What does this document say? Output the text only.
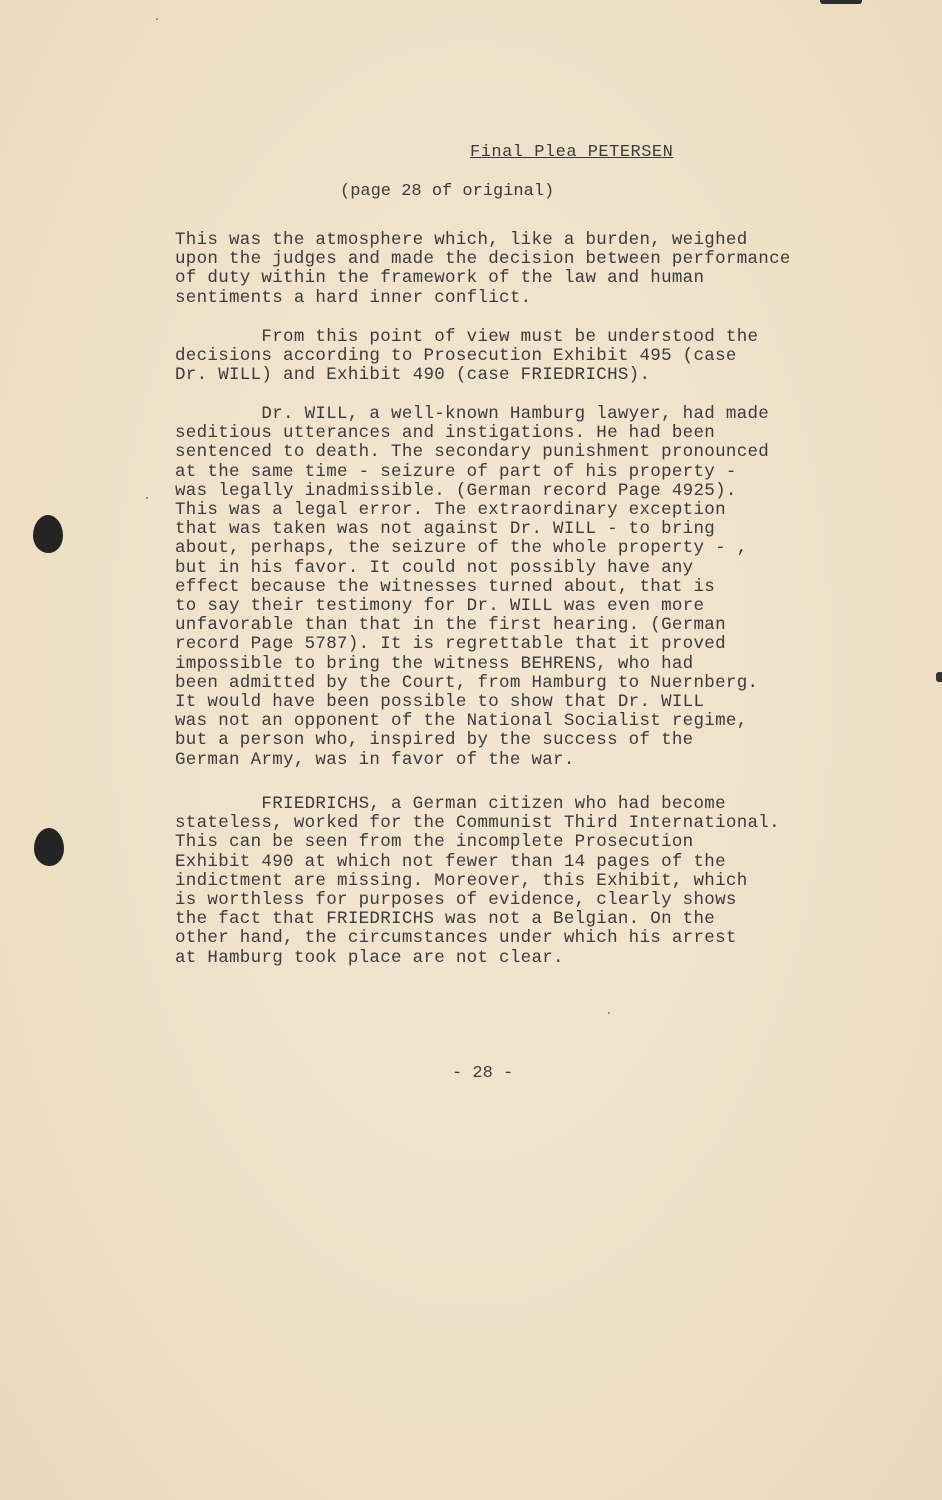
Final Plea PETERSEN
(page 28 of original)
This was the atmosphere which, like a burden, weighed
upon the judges and made the decision between performance
of duty within the framework of the law and human
sentiments a hard inner conflict.
From this point of view must be understood the
decisions according to Prosecution Exhibit 495 (case
Dr. WILL) and Exhibit 490 (case FRIEDRICHS).
Dr. WILL, a well-known Hamburg lawyer, had made
seditious utterances and instigations. He had been
sentenced to death. The secondary punishment pronounced
at the same time - seizure of part of his property -
was legally inadmissible. (German record Page 4925).
This was a legal error. The extraordinary exception
that was taken was not against Dr. WILL - to bring
about, perhaps, the seizure of the whole property - ,
but in his favor. It could not possibly have any
effect because the witnesses turned about, that is
to say their testimony for Dr. WILL was even more
unfavorable than that in the first hearing. (German
record Page 5787). It is regrettable that it proved
impossible to bring the witness BEHRENS, who had
been admitted by the Court, from Hamburg to Nuernberg.
It would have been possible to show that Dr. WILL
was not an opponent of the National Socialist regime,
but a person who, inspired by the success of the
German Army, was in favor of the war.
FRIEDRICHS, a German citizen who had become
stateless, worked for the Communist Third International.
This can be seen from the incomplete Prosecution
Exhibit 490 at which not fewer than 14 pages of the
indictment are missing. Moreover, this Exhibit, which
is worthless for purposes of evidence, clearly shows
the fact that FRIEDRICHS was not a Belgian. On the
other hand, the circumstances under which his arrest
at Hamburg took place are not clear.
- 28 -
